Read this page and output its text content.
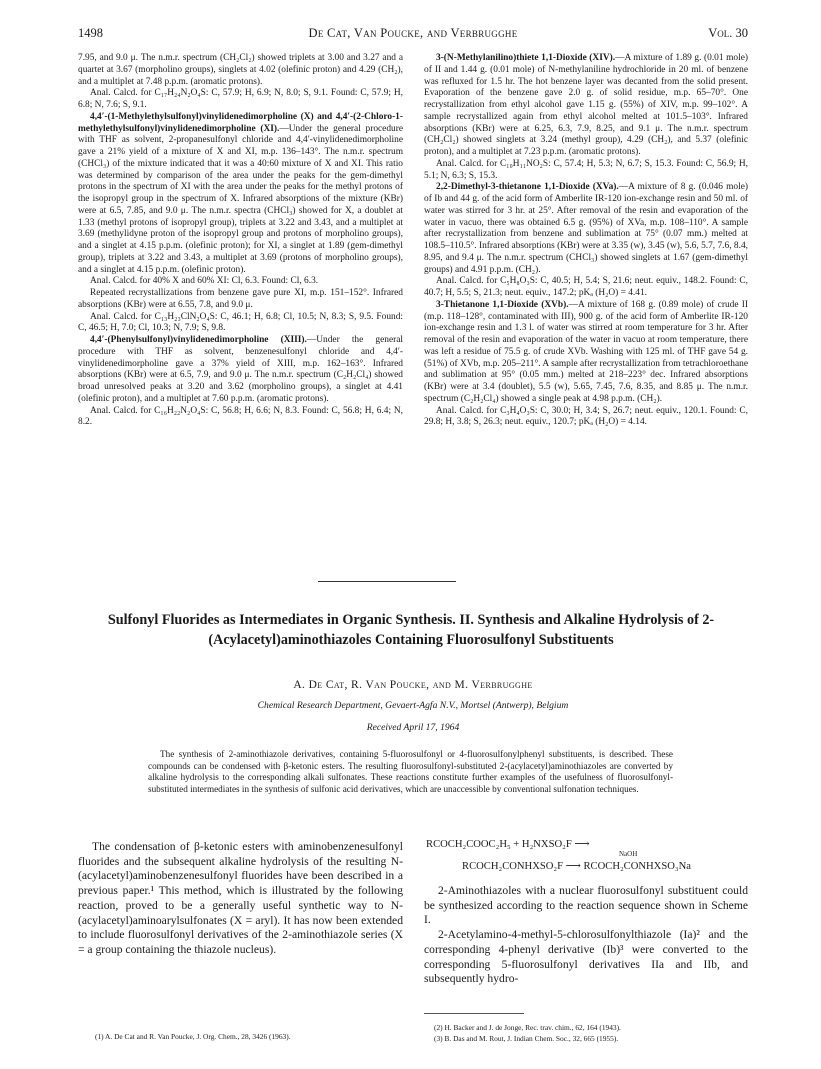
1498	De Cat, Van Poucke, and Verbrugghe	Vol. 30

7.95, and 9.0 μ. The n.m.r. spectrum (CH₂Cl₂) showed triplets at 3.00 and 3.27 and a quartet at 3.67 (morpholino groups), singlets at 4.02 (olefinic proton) and 4.29 (CH₂), and a multiplet at 7.48 p.p.m. (aromatic protons).

Anal. Calcd. for C₁₇H₂₄N₂O₄S: C, 57.9; H, 6.9; N, 8.0; S, 9.1. Found: C, 57.9; H, 6.8; N, 7.6; S, 9.1.

4,4′-(1-Methylethylsulfonyl)vinylidenedimorpholine (X) and 4,4′-(2-Chloro-1-methylethylsulfonyl)vinylidenedimorpholine (XI).—Under the general procedure with THF as solvent, 2-propanesulfonyl chloride and 4,4′-vinylidenedimorpholine gave a 21% yield of a mixture of X and XI, m.p. 136–143°. The n.m.r. spectrum (CHCl₃) of the mixture indicated that it was a 40:60 mixture of X and XI. This ratio was determined by comparison of the area under the peaks for the gem-dimethyl protons in the spectrum of XI with the area under the peaks for the methyl protons of the isopropyl group in the spectrum of X. Infrared absorptions of the mixture (KBr) were at 6.5, 7.85, and 9.0 μ. The n.m.r. spectra (CHCl₃) showed for X, a doublet at 1.33 (methyl protons of isopropyl group), triplets at 3.22 and 3.43, and a multiplet at 3.69 (methylidyne proton of the isopropyl group and protons of morpholino groups), and a singlet at 4.15 p.p.m. (olefinic proton); for XI, a singlet at 1.89 (gem-dimethyl group), triplets at 3.22 and 3.43, a multiplet at 3.69 (protons of morpholino groups), and a singlet at 4.15 p.p.m. (olefinic proton).

Anal. Calcd. for 40% X and 60% XI: Cl, 6.3. Found: Cl, 6.3.

Repeated recrystallizations from benzene gave pure XI, m.p. 151–152°. Infrared absorptions (KBr) were at 6.55, 7.8, and 9.0 μ.

Anal. Calcd. for C₁₃H₂₃ClN₂O₄S: C, 46.1; H, 6.8; Cl, 10.5; N, 8.3; S, 9.5. Found: C, 46.5; H, 7.0; Cl, 10.3; N, 7.9; S, 9.8.

4,4′-(Phenylsulfonyl)vinylidenedimorpholine (XIII).—Under the general procedure with THF as solvent, benzenesulfonyl chloride and 4,4′-vinylidenedimorpholine gave a 37% yield of XIII, m.p. 162–163°. Infrared absorptions (KBr) were at 6.5, 7.9, and 9.0 μ. The n.m.r. spectrum (C₂H₂Cl₄) showed broad unresolved peaks at 3.20 and 3.62 (morpholino groups), a singlet at 4.41 (olefinic proton), and a multiplet at 7.60 p.p.m. (aromatic protons).

Anal. Calcd. for C₁₆H₂₂N₂O₄S: C, 56.8; H, 6.6; N, 8.3. Found: C, 56.8; H, 6.4; N, 8.2.

3-(N-Methylanilino)thiete 1,1-Dioxide (XIV).—A mixture of 1.89 g. (0.01 mole) of II and 1.44 g. (0.01 mole) of N-methylaniline hydrochloride in 20 ml. of benzene was refluxed for 1.5 hr. The hot benzene layer was decanted from the solid present. Evaporation of the benzene gave 2.0 g. of solid residue, m.p. 65–70°. One recrystallization from ethyl alcohol gave 1.15 g. (55%) of XIV, m.p. 99–102°. A sample recrystallized again from ethyl alcohol melted at 101.5–103°. Infrared absorptions (KBr) were at 6.25, 6.3, 7.9, 8.25, and 9.1 μ. The n.m.r. spectrum (CH₂Cl₂) showed singlets at 3.24 (methyl group), 4.29 (CH₂), and 5.37 (olefinic proton), and a multiplet at 7.23 p.p.m. (aromatic protons).

Anal. Calcd. for C₁₀H₁₁NO₂S: C, 57.4; H, 5.3; N, 6.7; S, 15.3. Found: C, 56.9; H, 5.1; N, 6.3; S, 15.3.

2,2-Dimethyl-3-thietanone 1,1-Dioxide (XVa).—A mixture of 8 g. (0.046 mole) of Ib and 44 g. of the acid form of Amberlite IR-120 ion-exchange resin and 50 ml. of water was stirred for 3 hr. at 25°. After removal of the resin and evaporation of the water in vacuo, there was obtained 6.5 g. (95%) of XVa, m.p. 108–110°. A sample after recrystallization from benzene and sublimation at 75° (0.07 mm.) melted at 108.5–110.5°. Infrared absorptions (KBr) were at 3.35 (w), 3.45 (w), 5.6, 5.7, 7.6, 8.4, 8.95, and 9.4 μ. The n.m.r. spectrum (CHCl₃) showed singlets at 1.67 (gem-dimethyl groups) and 4.91 p.p.m. (CH₂).

Anal. Calcd. for C₅H₈O₃S: C, 40.5; H, 5.4; S, 21.6; neut. equiv., 148.2. Found: C, 40.7; H, 5.5; S, 21.3; neut. equiv., 147.2; pKₐ (H₂O) = 4.41.

3-Thietanone 1,1-Dioxide (XVb).—A mixture of 168 g. (0.89 mole) of crude II (m.p. 118–128°, contaminated with III), 900 g. of the acid form of Amberlite IR-120 ion-exchange resin and 1.3 l. of water was stirred at room temperature for 3 hr. After removal of the resin and evaporation of the water in vacuo at room temperature, there was left a residue of 75.5 g. of crude XVb. Washing with 125 ml. of THF gave 54 g. (51%) of XVb, m.p. 205–211°. A sample after recrystallization from tetrachloroethane and sublimation at 95° (0.05 mm.) melted at 218–223° dec. Infrared absorptions (KBr) were at 3.4 (doublet), 5.5 (w), 5.65, 7.45, 7.6, 8.35, and 8.85 μ. The n.m.r. spectrum (C₂H₂Cl₄) showed a single peak at 4.98 p.p.m. (CH₂).

Anal. Calcd. for C₃H₄O₃S: C, 30.0; H, 3.4; S, 26.7; neut. equiv., 120.1. Found: C, 29.8; H, 3.8; S, 26.3; neut. equiv., 120.7; pKₐ (H₂O) = 4.14.

Sulfonyl Fluorides as Intermediates in Organic Synthesis. II. Synthesis and Alkaline Hydrolysis of 2-(Acylacetyl)aminothiazoles Containing Fluorosulfonyl Substituents
A. De Cat, R. Van Poucke, and M. Verbrugghe
Chemical Research Department, Gevaert-Agfa N.V., Mortsel (Antwerp), Belgium
Received April 17, 1964

The synthesis of 2-aminothiazole derivatives, containing 5-fluorosulfonyl or 4-fluorosulfonylphenyl substituents, is described. These compounds can be condensed with β-ketonic esters. The resulting fluorosulfonyl-substituted 2-(acylacetyl)aminothiazoles are converted by alkaline hydrolysis to the corresponding alkali sulfonates. These reactions constitute further examples of the usefulness of fluorosulfonyl-substituted intermediates in the synthesis of sulfonic acid derivatives, which are unaccessible by conventional sulfonation techniques.

The condensation of β-ketonic esters with aminobenzenesulfonyl fluorides and the subsequent alkaline hydrolysis of the resulting N-(acylacetyl)aminobenzenesulfonyl fluorides have been described in a previous paper.¹ This method, which is illustrated by the following reaction, proved to be a generally useful synthetic way to N-(acylacetyl)aminoarylsulfonates (X = aryl). It has now been extended to include fluorosulfonyl derivatives of the 2-aminothiazole series (X = a group containing the thiazole nucleus).

RCOCH₂COOC₂H₅ + H₂NXSO₂F ⟶
NaOH
RCOCH₂CONHXSO₂F ⟶ RCOCH₂CONHXSO₃Na

2-Aminothiazoles with a nuclear fluorosulfonyl substituent could be synthesized according to the reaction sequence shown in Scheme I.

2-Acetylamino-4-methyl-5-chlorosulfonylthiazole (Ia)² and the corresponding 4-phenyl derivative (Ib)³ were converted to the corresponding 5-fluorosulfonyl derivatives IIa and IIb, and subsequently hydro-

(1) A. De Cat and R. Van Poucke, J. Org. Chem., 28, 3426 (1963).
(2) H. Backer and J. de Jonge, Rec. trav. chim., 62, 164 (1943).
(3) B. Das and M. Rout, J. Indian Chem. Soc., 32, 665 (1955).
